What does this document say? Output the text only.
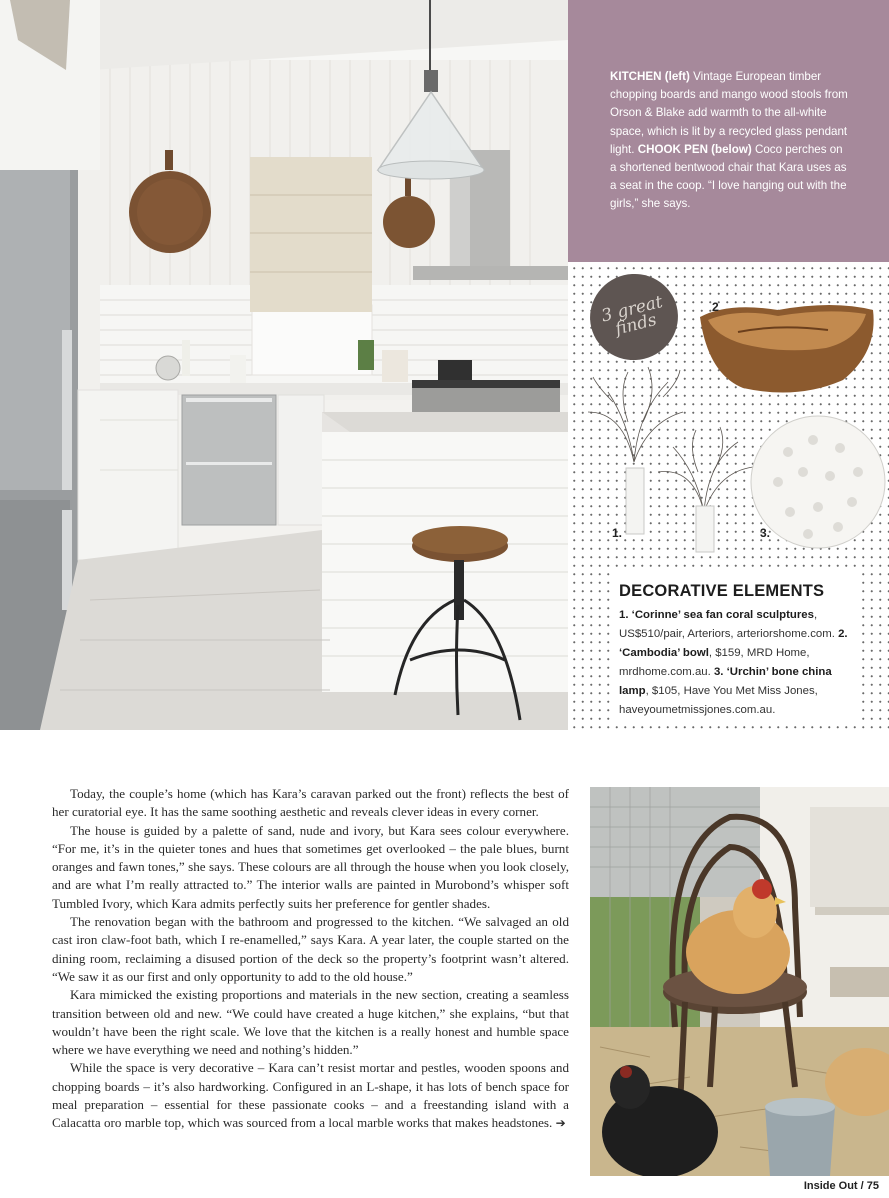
KITCHEN (left) Vintage European timber chopping boards and mango wood stools from Orson & Blake add warmth to the all-white space, which is lit by a recycled glass pendant light. CHOOK PEN (below) Coco perches on a shortened bentwood chair that Kara uses as a seat in the coop. “I love hanging out with the girls,” she says.
3 great finds
1.
2
3.
DECORATIVE ELEMENTS
1. ‘Corinne’ sea fan coral sculptures, US$510/pair, Arteriors, arteriorshome.com. 2. ‘Cambodia’ bowl, $159, MRD Home, mrdhome.com.au. 3. ‘Urchin’ bone china lamp, $105, Have You Met Miss Jones, haveyoumetmissjones.com.au.

Today, the couple’s home (which has Kara’s caravan parked out the front) reflects the best of her curatorial eye. It has the same soothing aesthetic and reveals clever ideas in every corner.

The house is guided by a palette of sand, nude and ivory, but Kara sees colour everywhere. “For me, it’s in the quieter tones and hues that sometimes get overlooked – the pale blues, burnt oranges and fawn tones,” she says. These colours are all through the house when you look closely, and are what I’m really attracted to.” The interior walls are painted in Murobond’s whisper soft Tumbled Ivory, which Kara admits perfectly suits her preference for gentler shades.

The renovation began with the bathroom and progressed to the kitchen. “We salvaged an old cast iron claw-foot bath, which I re-enamelled,” says Kara. A year later, the couple started on the dining room, reclaiming a disused portion of the deck so the property’s footprint wasn’t altered. “We saw it as our first and only opportunity to add to the old house.”

Kara mimicked the existing proportions and materials in the new section, creating a seamless transition between old and new. “We could have created a huge kitchen,” she explains, “but that wouldn’t have been the right scale. We love that the kitchen is a really honest and humble space where we have everything we need and nothing’s hidden.”

While the space is very decorative – Kara can’t resist mortar and pestles, wooden spoons and chopping boards – it’s also hardworking. Configured in an L-shape, it has lots of bench space for meal preparation – essential for these passionate cooks – and a freestanding island with a Calacatta oro marble top, which was sourced from a local marble works that makes headstones. ➔

Inside Out / 75
